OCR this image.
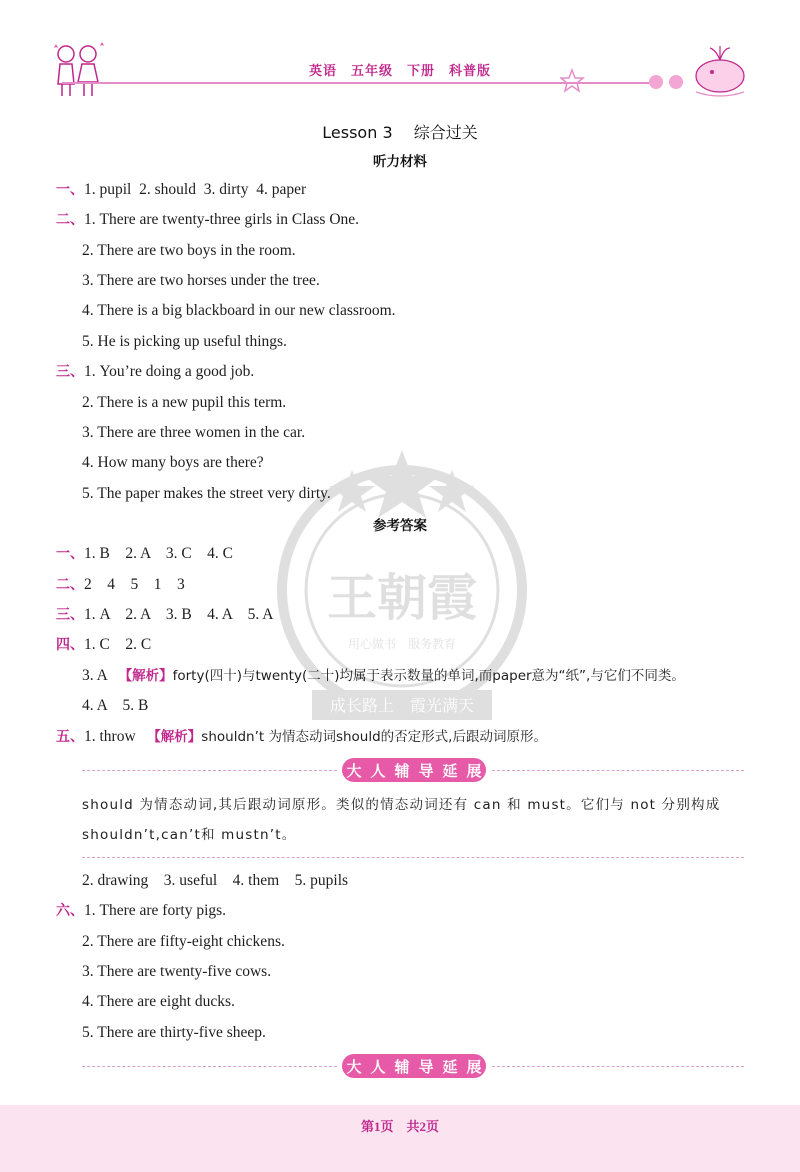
英语　五年级　下册　科普版
Lesson 3　 综合过关
听力材料
王朝霞
用心做书　服务教育
成长路上　霞光满天
一、1. pupil  2. should  3. dirty  4. paper
二、1. There are twenty-three girls in Class One.
2. There are two boys in the room.
3. There are two horses under the tree.
4. There is a big blackboard in our new classroom.
5. He is picking up useful things.
三、1. You’re doing a good job.
2. There is a new pupil this term.
3. There are three women in the car.
4. How many boys are there?
5. The paper makes the street very dirty.
参考答案
一、1. B    2. A    3. C    4. C
二、2    4    5    1    3
三、1. A    2. A    3. B    4. A    5. A
四、1. C    2. C
3. A   【解析】forty(四十)与twenty(二十)均属于表示数量的单词,而paper意为“纸”,与它们不同类。
4. A    5. B
五、1. throw   【解析】shouldn’t 为情态动词should的否定形式,后跟动词原形。
大 人 辅 导 延 展
should 为情态动词,其后跟动词原形。类似的情态动词还有 can 和 must。它们与 not 分别构成 shouldn’t,can’t和 mustn’t。
2. drawing    3. useful    4. them    5. pupils
六、1. There are forty pigs.
2. There are fifty-eight chickens.
3. There are twenty-five cows.
4. There are eight ducks.
5. There are thirty-five sheep.
大 人 辅 导 延 展
第1页　共2页
